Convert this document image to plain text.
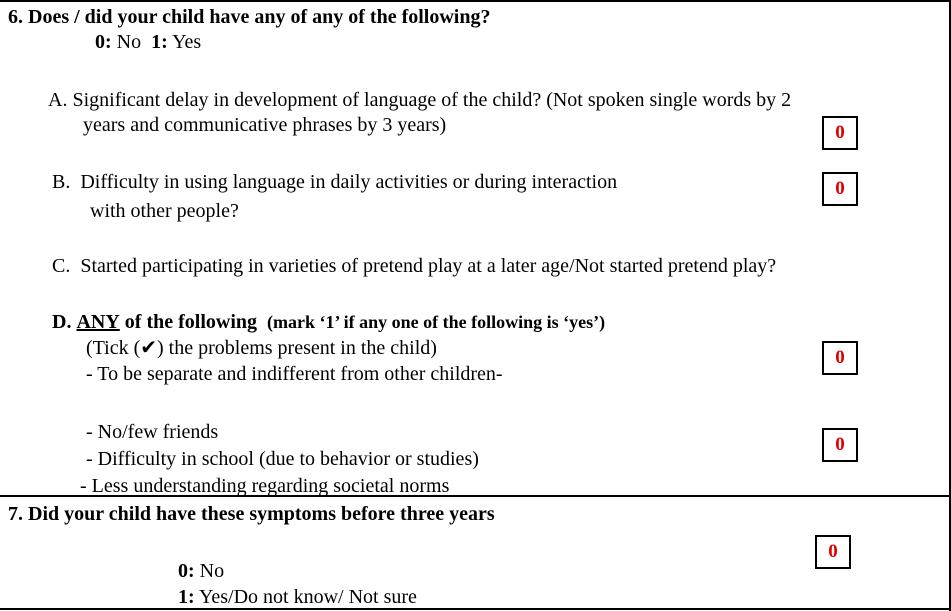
6. Does / did your child have any of any of the following?
0: No 1: Yes
A. Significant delay in development of language of the child? (Not spoken single words by 2
years and communicative phrases by 3 years)	0
B. Difficulty in using language in daily activities or during interaction
with other people?
0
C. Started participating in varieties of pretend play at a later age/Not started pretend play?
D. ANY of the following (mark ‘1’ if any one of the following is ‘yes’)
(Tick (✔) the problems present in the child)
- To be separate and indifferent from other children-
0
- No/few friends
- Difficulty in school (due to behavior or studies)
0
- Less understanding regarding societal norms
7. Did your child have these symptoms before three years
0
0: No
1: Yes/Do not know/ Not sure
